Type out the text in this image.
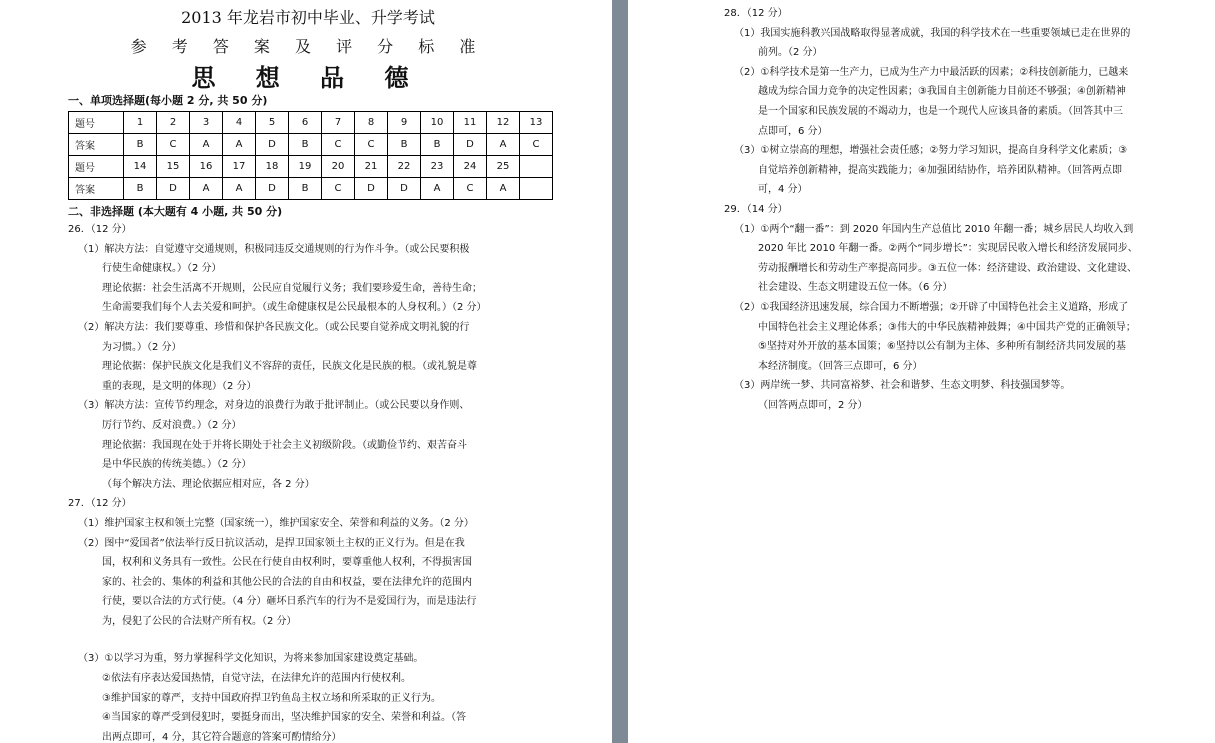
2013 年龙岩市初中毕业、升学考试
参 考 答 案 及 评 分 标 准
思 想 品 德
一、单项选择题(每小题 2 分, 共 50 分)
题号	1	2	3	4	5	6	7	8	9	10	11	12	13
答案	B	C	A	A	D	B	C	C	B	B	D	A	C
题号	14	15	16	17	18	19	20	21	22	23	24	25	
答案	B	D	A	A	D	B	C	D	D	A	C	A	
二、非选择题 (本大题有 4 小题, 共 50 分)
26．（12 分）
（1）解决方法：自觉遵守交通规则，积极同违反交通规则的行为作斗争。（或公民要积极
行使生命健康权。）（2 分）
理论依据：社会生活离不开规则，公民应自觉履行义务；我们要珍爱生命，善待生命；
生命需要我们每个人去关爱和呵护。（或生命健康权是公民最根本的人身权利。）（2 分）
（2）解决方法：我们要尊重、珍惜和保护各民族文化。（或公民要自觉养成文明礼貌的行
为习惯。）（2 分）
理论依据：保护民族文化是我们义不容辞的责任，民族文化是民族的根。（或礼貌是尊
重的表现，是文明的体现）（2 分）
（3）解决方法：宣传节约理念，对身边的浪费行为敢于批评制止。（或公民要以身作则、
厉行节约、反对浪费。）（2 分）
理论依据：我国现在处于并将长期处于社会主义初级阶段。（或勤俭节约、艰苦奋斗
是中华民族的传统美德。）（2 分）
（每个解决方法、理论依据应相对应，各 2 分）
27．（12 分）
（1）维护国家主权和领土完整（国家统一），维护国家安全、荣誉和利益的义务。（2 分）
（2）图中“爱国者”依法举行反日抗议活动，是捍卫国家领土主权的正义行为。但是在我
国，权利和义务具有一致性。公民在行使自由权利时，要尊重他人权利，不得损害国
家的、社会的、集体的利益和其他公民的合法的自由和权益，要在法律允许的范围内
行使，要以合法的方式行使。（4 分）砸坏日系汽车的行为不是爱国行为，而是违法行
为，侵犯了公民的合法财产所有权。（2 分）
（3）①以学习为重，努力掌握科学文化知识，为将来参加国家建设奠定基础。
②依法有序表达爱国热情，自觉守法，在法律允许的范围内行使权利。
③维护国家的尊严，支持中国政府捍卫钓鱼岛主权立场和所采取的正义行为。
④当国家的尊严受到侵犯时，要挺身而出，坚决维护国家的安全、荣誉和利益。（答
出两点即可，4 分，其它符合题意的答案可酌情给分）
28．（12 分）
（1）我国实施科教兴国战略取得显著成就，我国的科学技术在一些重要领域已走在世界的
前列。（2 分）
（2）①科学技术是第一生产力，已成为生产力中最活跃的因素；②科技创新能力，已越来
越成为综合国力竞争的决定性因素；③我国自主创新能力目前还不够强；④创新精神
是一个国家和民族发展的不竭动力，也是一个现代人应该具备的素质。（回答其中三
点即可，6 分）
（3）①树立崇高的理想，增强社会责任感；②努力学习知识，提高自身科学文化素质；③
自觉培养创新精神，提高实践能力；④加强团结协作，培养团队精神。（回答两点即
可，4 分）
29．（14 分）
（1）①两个“翻一番”：到 2020 年国内生产总值比 2010 年翻一番；城乡居民人均收入到
2020 年比 2010 年翻一番。②两个“同步增长”：实现居民收入增长和经济发展同步、
劳动报酬增长和劳动生产率提高同步。③五位一体：经济建设、政治建设、文化建设、
社会建设、生态文明建设五位一体。（6 分）
（2）①我国经济迅速发展，综合国力不断增强；②开辟了中国特色社会主义道路，形成了
中国特色社会主义理论体系；③伟大的中华民族精神鼓舞；④中国共产党的正确领导；
⑤坚持对外开放的基本国策；⑥坚持以公有制为主体、多种所有制经济共同发展的基
本经济制度。（回答三点即可，6 分）
（3）两岸统一梦、共同富裕梦、社会和谐梦、生态文明梦、科技强国梦等。
（回答两点即可，2 分）
